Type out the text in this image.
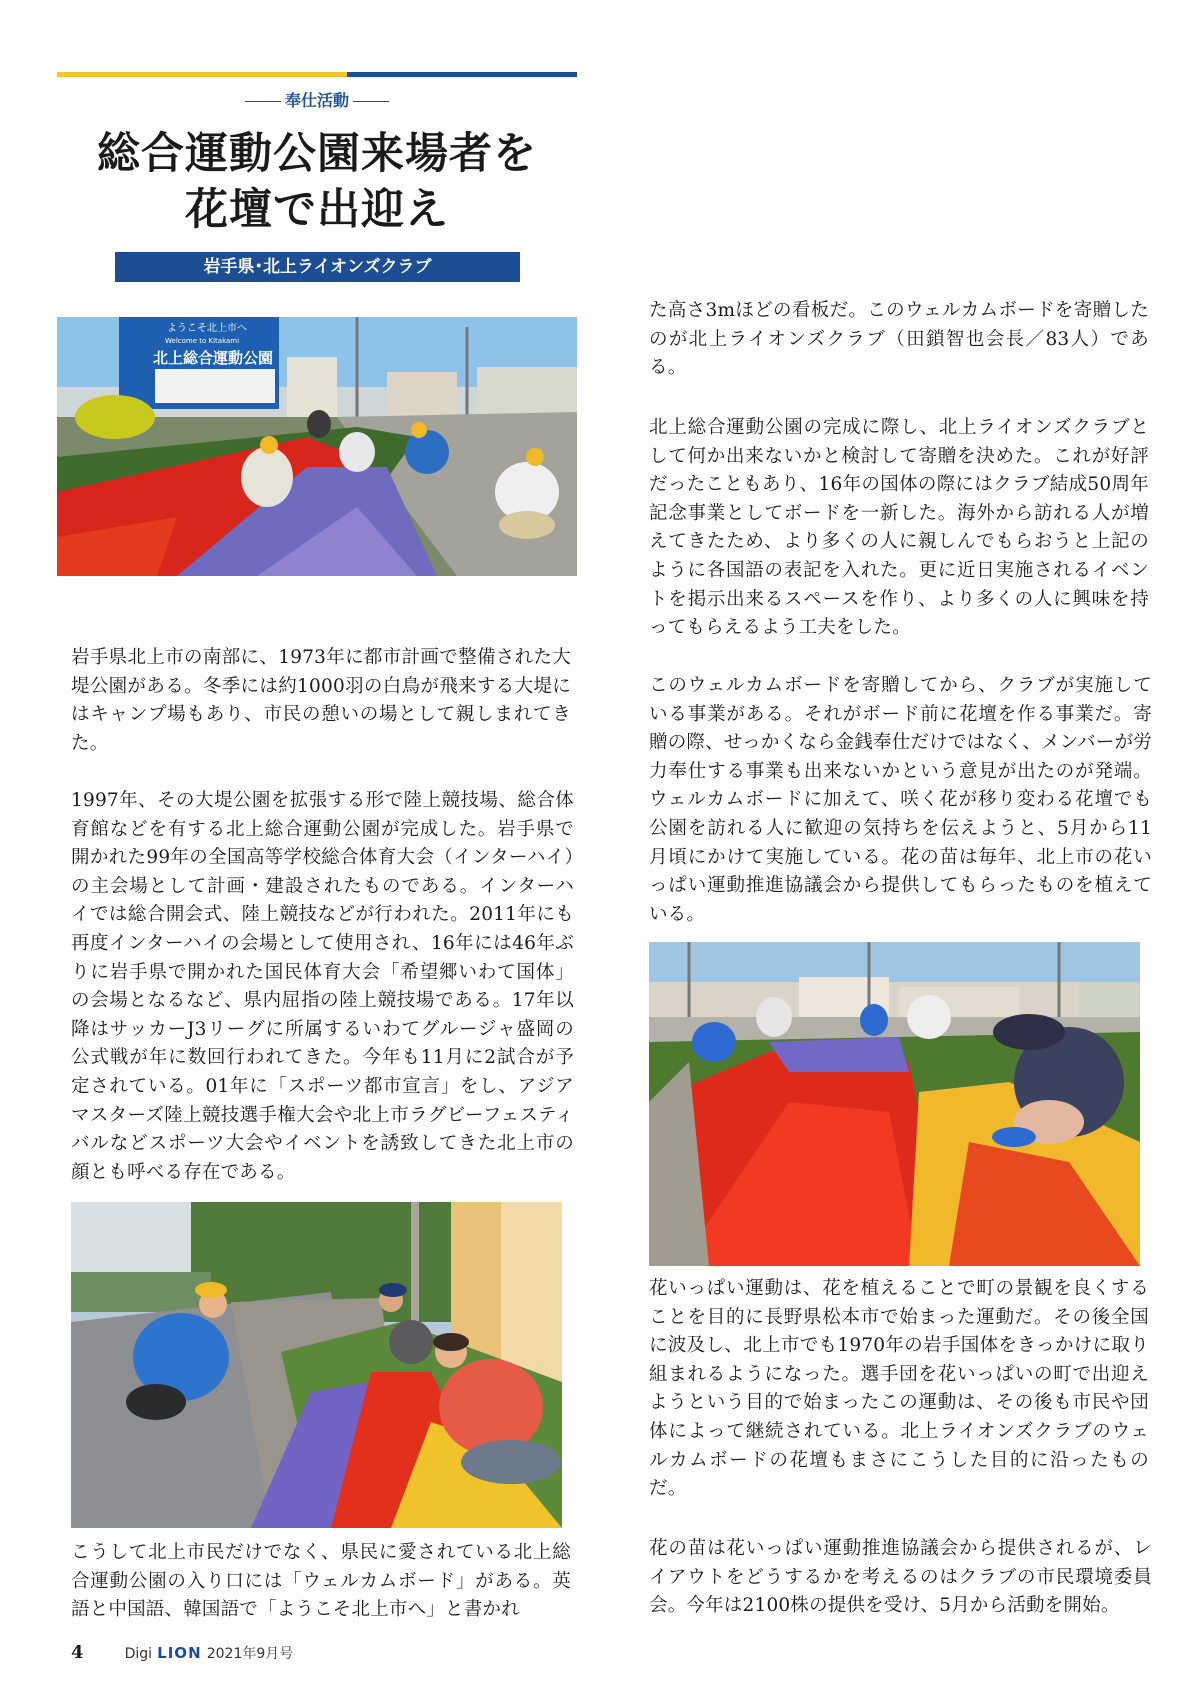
奉仕活動
総合運動公園来場者を
花壇で出迎え
岩手県･北上ライオンズクラブ
ようこそ北上市へ
Welcome to Kitakami
北上総合運動公園

岩手県北上市の南部に、1973年に都市計画で整備された大堤公園がある。冬季には約1000羽の白鳥が飛来する大堤にはキャンプ場もあり、市民の憩いの場として親しまれてきた。

1997年、その大堤公園を拡張する形で陸上競技場、総合体育館などを有する北上総合運動公園が完成した。岩手県で開かれた99年の全国高等学校総合体育大会（インターハイ）の主会場として計画・建設されたものである。インターハイでは総合開会式、陸上競技などが行われた。2011年にも再度インターハイの会場として使用され、16年には46年ぶりに岩手県で開かれた国民体育大会「希望郷いわて国体」の会場となるなど、県内屈指の陸上競技場である。17年以降はサッカーJ3リーグに所属するいわてグルージャ盛岡の公式戦が年に数回行われてきた。今年も11月に2試合が予定されている。01年に「スポーツ都市宣言」をし、アジアマスターズ陸上競技選手権大会や北上市ラグビーフェスティバルなどスポーツ大会やイベントを誘致してきた北上市の顔とも呼べる存在である。

こうして北上市民だけでなく、県民に愛されている北上総合運動公園の入り口には「ウェルカムボード」がある。英語と中国語、韓国語で「ようこそ北上市へ」と書かれ

た高さ3mほどの看板だ。このウェルカムボードを寄贈したのが北上ライオンズクラブ（田鎖智也会長／83人）である。

北上総合運動公園の完成に際し、北上ライオンズクラブとして何か出来ないかと検討して寄贈を決めた。これが好評だったこともあり、16年の国体の際にはクラブ結成50周年記念事業としてボードを一新した。海外から訪れる人が増えてきたため、より多くの人に親しんでもらおうと上記のように各国語の表記を入れた。更に近日実施されるイベントを掲示出来るスペースを作り、より多くの人に興味を持ってもらえるよう工夫をした。

このウェルカムボードを寄贈してから、クラブが実施している事業がある。それがボード前に花壇を作る事業だ。寄贈の際、せっかくなら金銭奉仕だけではなく、メンバーが労力奉仕する事業も出来ないかという意見が出たのが発端。ウェルカムボードに加えて、咲く花が移り変わる花壇でも公園を訪れる人に歓迎の気持ちを伝えようと、5月から11月頃にかけて実施している。花の苗は毎年、北上市の花いっぱい運動推進協議会から提供してもらったものを植えている。

花いっぱい運動は、花を植えることで町の景観を良くすることを目的に長野県松本市で始まった運動だ。その後全国に波及し、北上市でも1970年の岩手国体をきっかけに取り組まれるようになった。選手団を花いっぱいの町で出迎えようという目的で始まったこの運動は、その後も市民や団体によって継続されている。北上ライオンズクラブのウェルカムボードの花壇もまさにこうした目的に沿ったものだ。

花の苗は花いっぱい運動推進協議会から提供されるが、レイアウトをどうするかを考えるのはクラブの市民環境委員会。今年は2100株の提供を受け、5月から活動を開始。

4	Digi LION 2021年9月号
